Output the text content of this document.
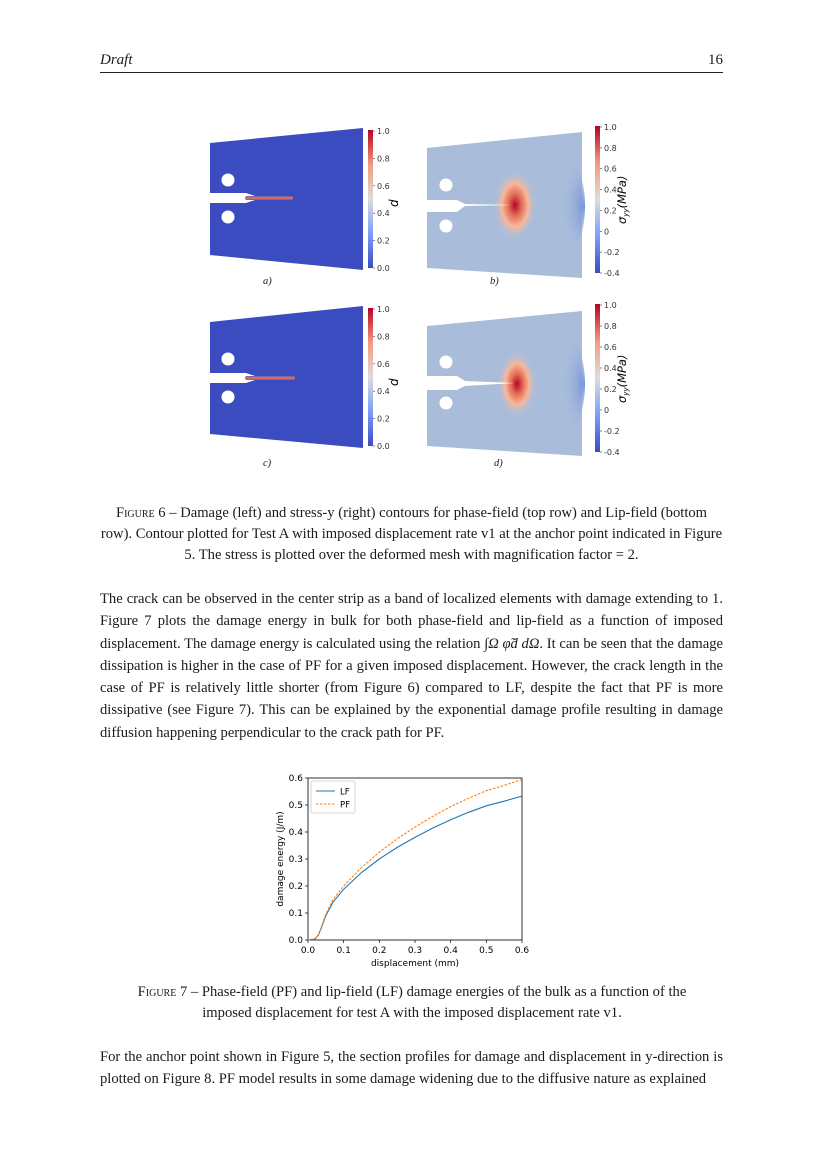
Draft	16
1.0
0.8
0.6
0.4
0.2
0.0
d
1.0
0.8
0.6
0.4
0.2
0
-0.2
-0.4
σyy(MPa)
1.0
0.8
0.6
0.4
0.2
0.0
d
1.0
0.8
0.6
0.4
0.2
0
-0.2
-0.4
σyy(MPa)
a)	b)
c)	d)
Figure 6 – Damage (left) and stress-y (right) contours for phase-field (top row) and Lip-field (bottom row). Contour plotted for Test A with imposed displacement rate v1 at the anchor point indicated in Figure 5. The stress is plotted over the deformed mesh with magnification factor = 2.

The crack can be observed in the center strip as a band of localized elements with damage extending to 1. Figure 7 plots the damage energy in bulk for both phase-field and lip-field as a function of imposed displacement. The damage energy is calculated using the relation ∫Ω φ̃d dΩ. It can be seen that the damage dissipation is higher in the case of PF for a given imposed displacement. However, the crack length in the case of PF is relatively little shorter (from Figure 6) compared to LF, despite the fact that PF is more dissipative (see Figure 7). This can be explained by the exponential damage profile resulting in damage diffusion happening perpendicular to the crack path for PF.

0.0 0.1 0.2 0.3 0.4 0.5 0.6
0.0
0.1
0.2
0.3
0.4
0.5
0.6
displacement (mm)
damage energy (J/m)
LF
PF
Figure 7 – Phase-field (PF) and lip-field (LF) damage energies of the bulk as a function of the imposed displacement for test A with the imposed displacement rate v1.

For the anchor point shown in Figure 5, the section profiles for damage and displacement in y-direction is plotted on Figure 8. PF model results in some damage widening due to the diffusive nature as explained
